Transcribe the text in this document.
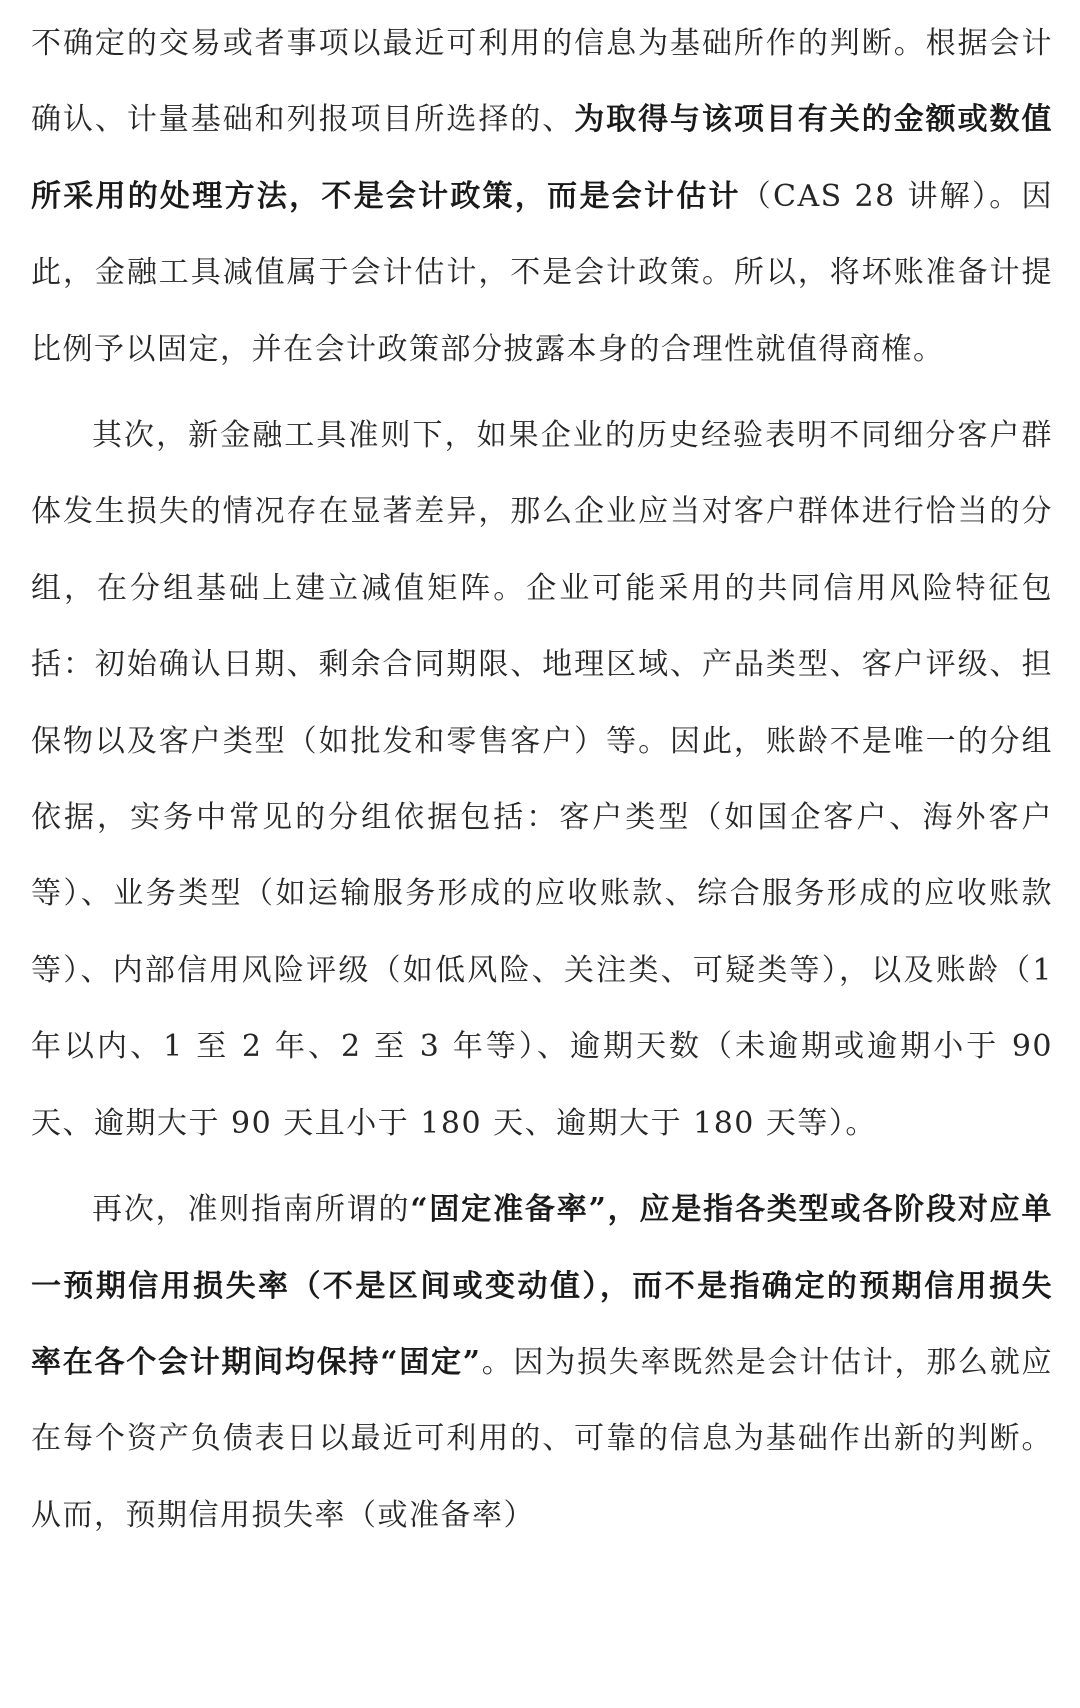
不确定的交易或者事项以最近可利用的信息为基础所作的判断。根据会计确认、计量基础和列报项目所选择的、为取得与该项目有关的金额或数值所采用的处理方法，不是会计政策，而是会计估计（CAS 28 讲解）。因此，金融工具减值属于会计估计，不是会计政策。所以，将坏账准备计提比例予以固定，并在会计政策部分披露本身的合理性就值得商榷。

其次，新金融工具准则下，如果企业的历史经验表明不同细分客户群体发生损失的情况存在显著差异，那么企业应当对客户群体进行恰当的分组，在分组基础上建立减值矩阵。企业可能采用的共同信用风险特征包括：初始确认日期、剩余合同期限、地理区域、产品类型、客户评级、担保物以及客户类型（如批发和零售客户）等。因此，账龄不是唯一的分组依据，实务中常见的分组依据包括：客户类型（如国企客户、海外客户等）、业务类型（如运输服务形成的应收账款、综合服务形成的应收账款等）、内部信用风险评级（如低风险、关注类、可疑类等），以及账龄（1 年以内、1 至 2 年、2 至 3 年等）、逾期天数（未逾期或逾期小于 90 天、逾期大于 90 天且小于 180 天、逾期大于 180 天等）。

再次，准则指南所谓的“固定准备率”，应是指各类型或各阶段对应单一预期信用损失率（不是区间或变动值），而不是指确定的预期信用损失率在各个会计期间均保持“固定”。因为损失率既然是会计估计，那么就应在每个资产负债表日以最近可利用的、可靠的信息为基础作出新的判断。从而，预期信用损失率（或准备率）
